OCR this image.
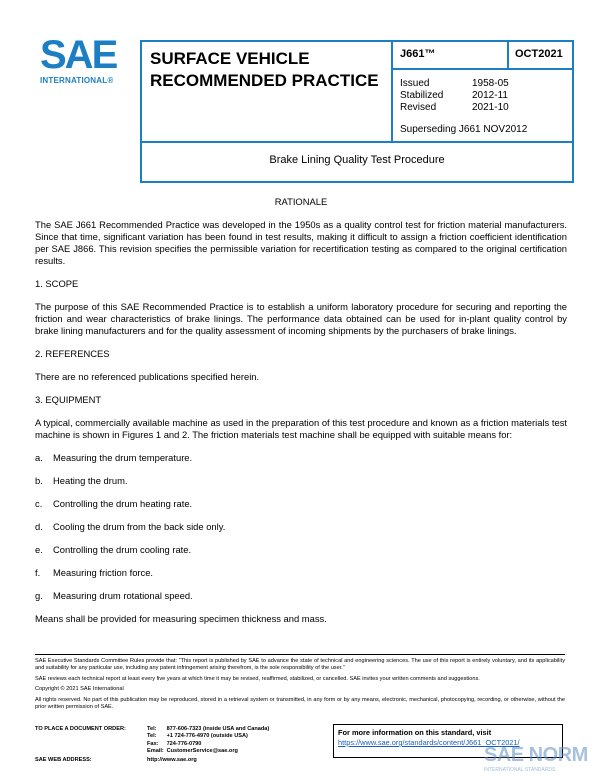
SAE
INTERNATIONAL®
SURFACE VEHICLE
RECOMMENDED PRACTICE
J661™	OCT2021
Issued	1958-05
Stabilized	2012-11
Revised	2021-10
Superseding J661 NOV2012
Brake Lining Quality Test Procedure

RATIONALE

The SAE J661 Recommended Practice was developed in the 1950s as a quality control test for friction material manufacturers. Since that time, significant variation has been found in test results, making it difficult to assign a friction coefficient identification per SAE J866. This revision specifies the permissible variation for recertification testing as compared to the original certification results.

1. SCOPE

The purpose of this SAE Recommended Practice is to establish a uniform laboratory procedure for securing and reporting the friction and wear characteristics of brake linings. The performance data obtained can be used for in-plant quality control by brake lining manufacturers and for the quality assessment of incoming shipments by the purchasers of brake linings.

2. REFERENCES

There are no referenced publications specified herein.

3. EQUIPMENT

A typical, commercially available machine as used in the preparation of this test procedure and known as a friction materials test machine is shown in Figures 1 and 2. The friction materials test machine shall be equipped with suitable means for:

a.	Measuring the drum temperature.
b.	Heating the drum.
c.	Controlling the drum heating rate.
d.	Cooling the drum from the back side only.
e.	Controlling the drum cooling rate.
f.	Measuring friction force.
g.	Measuring drum rotational speed.

Means shall be provided for measuring specimen thickness and mass.

SAE Executive Standards Committee Rules provide that: “This report is published by SAE to advance the state of technical and engineering sciences. The use of this report is entirely voluntary, and its applicability and suitability for any particular use, including any patent infringement arising therefrom, is the sole responsibility of the user.”

SAE reviews each technical report at least every five years at which time it may be revised, reaffirmed, stabilized, or cancelled. SAE invites your written comments and suggestions.

Copyright © 2021 SAE International

All rights reserved. No part of this publication may be reproduced, stored in a retrieval system or transmitted, in any form or by any means, electronic, mechanical, photocopying, recording, or otherwise, without the prior written permission of SAE.

TO PLACE A DOCUMENT ORDER:	Tel: 877-606-7323 (inside USA and Canada)
Tel: +1 724-776-4970 (outside USA)
Fax: 724-776-0790
Email: CustomerService@sae.org
SAE WEB ADDRESS:	http://www.sae.org
For more information on this standard, visit
https://www.sae.org/standards/content/J661_OCT2021/
SAE NORM
INTERNATIONAL STANDARDS
